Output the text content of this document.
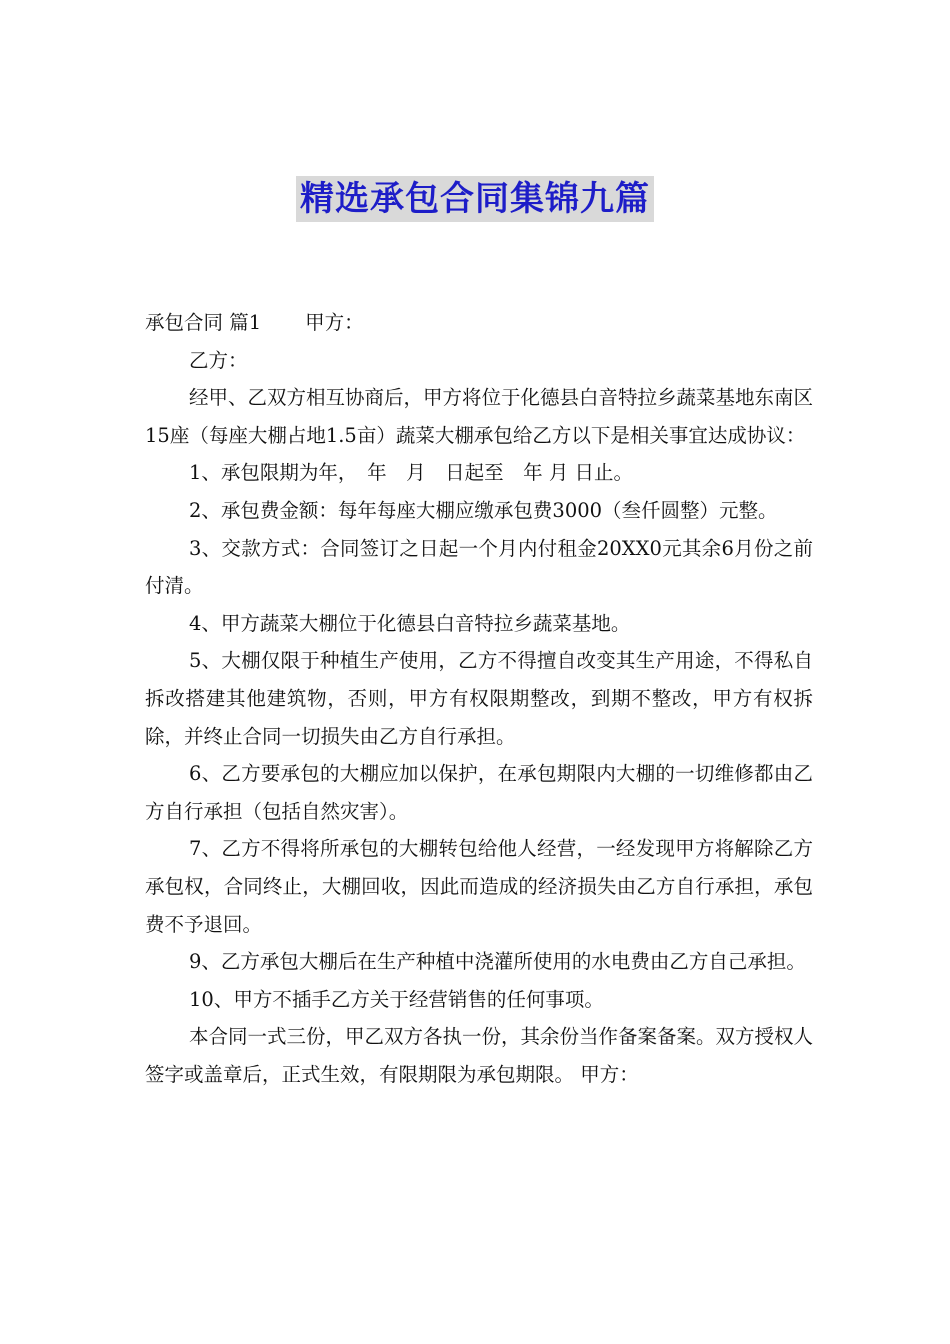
精选承包合同集锦九篇

承包合同 篇1 甲方：

乙方：

经甲、乙双方相互协商后，甲方将位于化德县白音特拉乡蔬菜基地东南区15座（每座大棚占地1.5亩）蔬菜大棚承包给乙方以下是相关事宜达成协议：

1、承包限期为年，　年　月　日起至　年 月 日止。

2、承包费金额：每年每座大棚应缴承包费3000（叁仟圆整）元整。

3、交款方式：合同签订之日起一个月内付租金20XX0元其余6月份之前付清。

4、甲方蔬菜大棚位于化德县白音特拉乡蔬菜基地。

5、大棚仅限于种植生产使用，乙方不得擅自改变其生产用途，不得私自拆改搭建其他建筑物，否则，甲方有权限期整改，到期不整改，甲方有权拆除，并终止合同一切损失由乙方自行承担。

6、乙方要承包的大棚应加以保护，在承包期限内大棚的一切维修都由乙方自行承担（包括自然灾害）。

7、乙方不得将所承包的大棚转包给他人经营，一经发现甲方将解除乙方承包权，合同终止，大棚回收，因此而造成的经济损失由乙方自行承担，承包费不予退回。

9、乙方承包大棚后在生产种植中浇灌所使用的水电费由乙方自己承担。

10、甲方不插手乙方关于经营销售的任何事项。

本合同一式三份，甲乙双方各执一份，其余份当作备案备案。双方授权人签字或盖章后，正式生效，有限期限为承包期限。 甲方：
